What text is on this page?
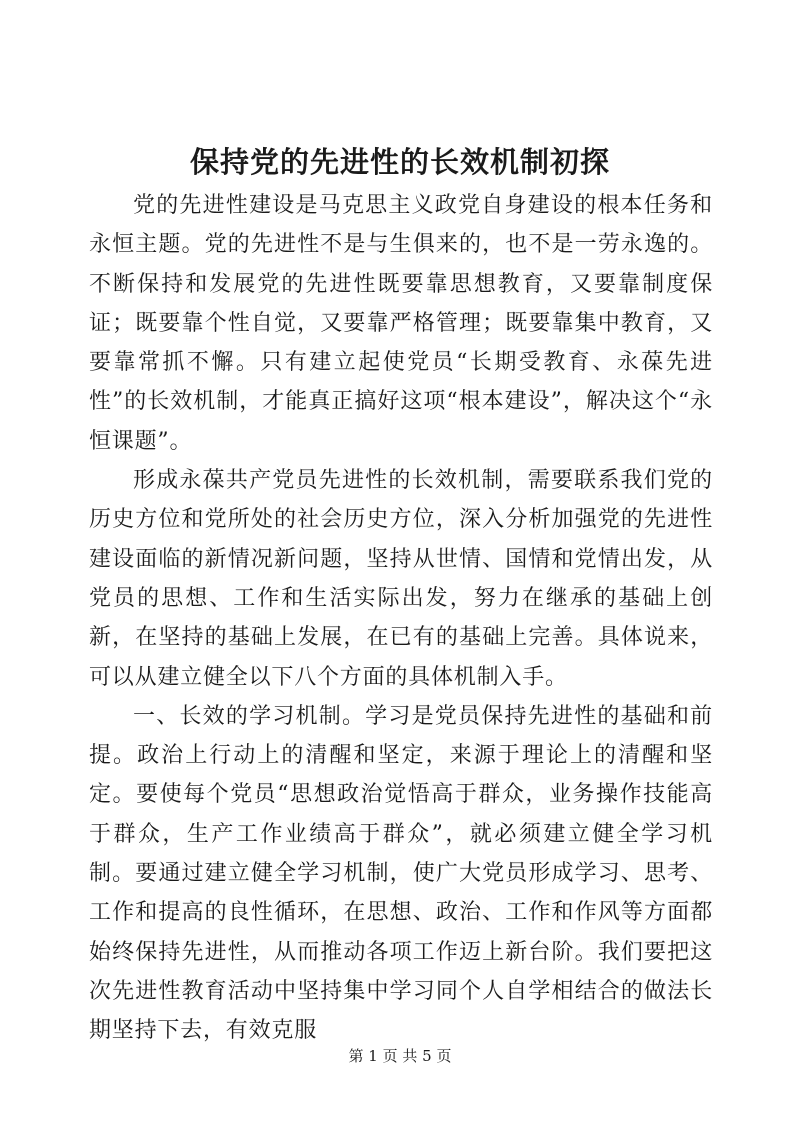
保持党的先进性的长效机制初探

党的先进性建设是马克思主义政党自身建设的根本任务和永恒主题。党的先进性不是与生俱来的，也不是一劳永逸的。不断保持和发展党的先进性既要靠思想教育，又要靠制度保证；既要靠个性自觉，又要靠严格管理；既要靠集中教育，又要靠常抓不懈。只有建立起使党员“长期受教育、永葆先进性”的长效机制，才能真正搞好这项“根本建设”，解决这个“永恒课题”。

形成永葆共产党员先进性的长效机制，需要联系我们党的历史方位和党所处的社会历史方位，深入分析加强党的先进性建设面临的新情况新问题，坚持从世情、国情和党情出发，从党员的思想、工作和生活实际出发，努力在继承的基础上创新，在坚持的基础上发展，在已有的基础上完善。具体说来，可以从建立健全以下八个方面的具体机制入手。

一、长效的学习机制。学习是党员保持先进性的基础和前提。政治上行动上的清醒和坚定，来源于理论上的清醒和坚定。要使每个党员“思想政治觉悟高于群众，业务操作技能高于群众，生产工作业绩高于群众”，就必须建立健全学习机制。要通过建立健全学习机制，使广大党员形成学习、思考、工作和提高的良性循环，在思想、政治、工作和作风等方面都始终保持先进性，从而推动各项工作迈上新台阶。我们要把这次先进性教育活动中坚持集中学习同个人自学相结合的做法长期坚持下去，有效克服

第 1 页 共 5 页
